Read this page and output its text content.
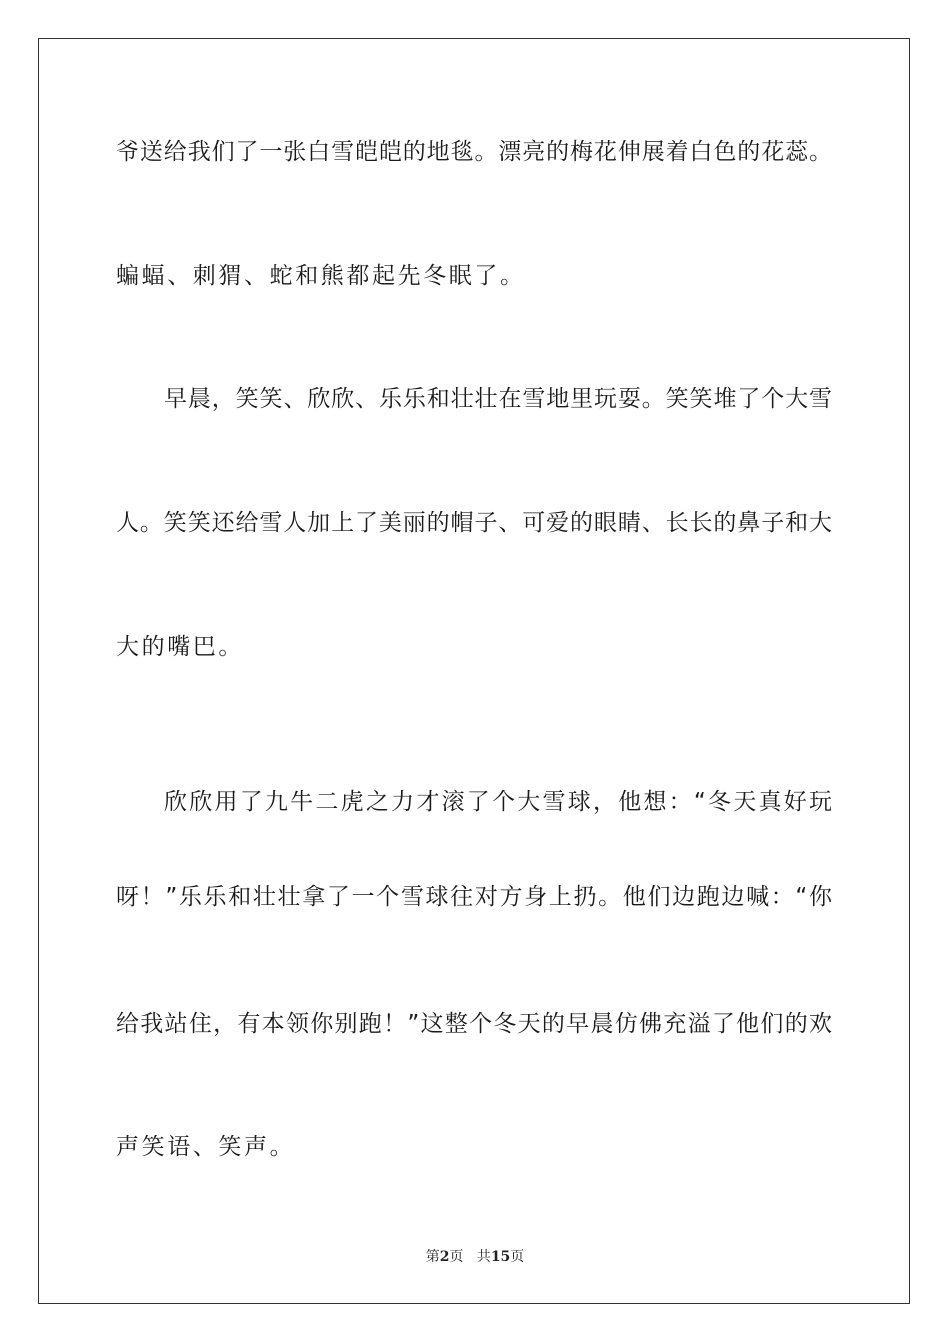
爷送给我们了一张白雪皑皑的地毯。漂亮的梅花伸展着白色的花蕊。
蝙蝠、刺猬、蛇和熊都起先冬眠了。
早晨，笑笑、欣欣、乐乐和壮壮在雪地里玩耍。笑笑堆了个大雪
人。笑笑还给雪人加上了美丽的帽子、可爱的眼睛、长长的鼻子和大
大的嘴巴。
欣欣用了九牛二虎之力才滚了个大雪球，他想：“冬天真好玩
呀！”乐乐和壮壮拿了一个雪球往对方身上扔。他们边跑边喊：“你
给我站住，有本领你别跑！”这整个冬天的早晨仿佛充溢了他们的欢
声笑语、笑声。
第2页 共15页
